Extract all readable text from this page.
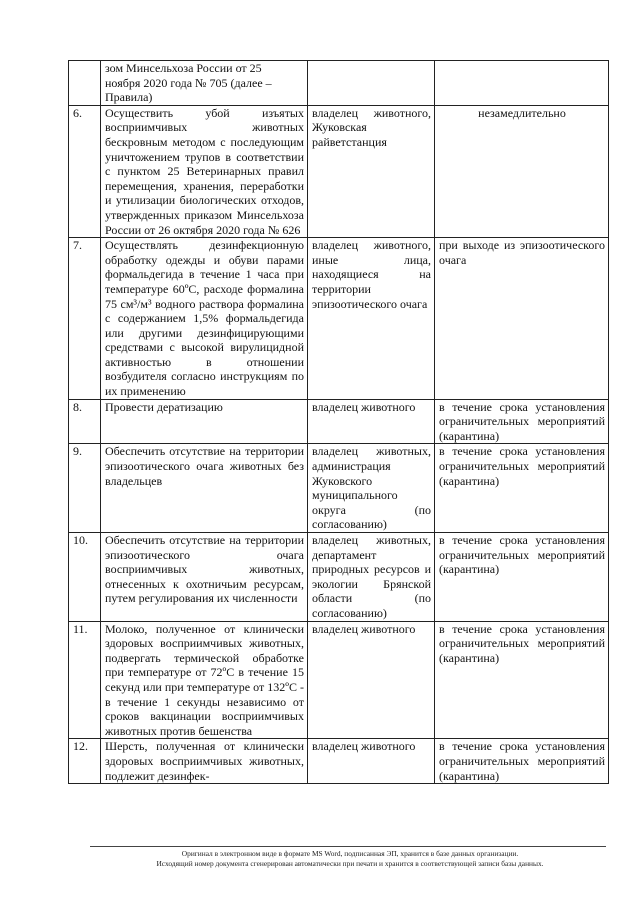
	зом Минсельхоза России от 25
ноября 2020 года № 705 (далее –
Правила)		

6.	Осуществить убой изъятых восприимчивых животных бескровным методом с последующим уничтожением трупов в соответствии с пунктом 25 Ветеринарных правил перемещения, хранения, переработки и утилизации биологических отходов, утвержденных приказом Минсельхоза России от 26 октября 2020 года № 626	владелец животного, Жуковская райветстанция	незамедлительно
7.	Осуществлять дезинфекционную обработку одежды и обуви парами формальдегида в течение 1 часа при температуре 60ºС, расходе формалина 75 см³/м³ водного раствора формалина с содержанием 1,5% формальдегида или другими дезинфицирующими средствами с высокой вирулицидной активностью в отношении возбудителя согласно инструкциям по их применению	владелец животного, иные лица, находящиеся на территории эпизоотического очага	при выходе из эпизоотического очага
8.	Провести дератизацию	владелец животного	в течение срока установления ограничительных мероприятий (карантина)
9.	Обеспечить отсутствие на территории эпизоотического очага животных без владельцев	владелец животных, администрация Жуковского муниципального округа (по согласованию)	в течение срока установления ограничительных мероприятий (карантина)
10.	Обеспечить отсутствие на территории эпизоотического очага восприимчивых животных, отнесенных к охотничьим ресурсам, путем регулирования их численности	владелец животных, департамент природных ресурсов и экологии Брянской области (по согласованию)	в течение срока установления ограничительных мероприятий (карантина)
11.	Молоко, полученное от клинически здоровых восприимчивых животных, подвергать термической обработке при температуре от 72ºС в течение 15 секунд или при температуре от 132ºС - в течение 1 секунды независимо от сроков вакцинации восприимчивых животных против бешенства	владелец животного	в течение срока установления ограничительных мероприятий (карантина)
12.	Шерсть, полученная от клинически здоровых восприимчивых животных, подлежит дезинфек-	владелец животного	в течение срока установления ограничительных мероприятий (карантина)
Оригинал в электронном виде в формате MS Word, подписанная ЭП, хранится в базе данных организации.
Исходящий номер документа сгенерирован автоматически при печати и хранится в соответствующей записи базы данных.
